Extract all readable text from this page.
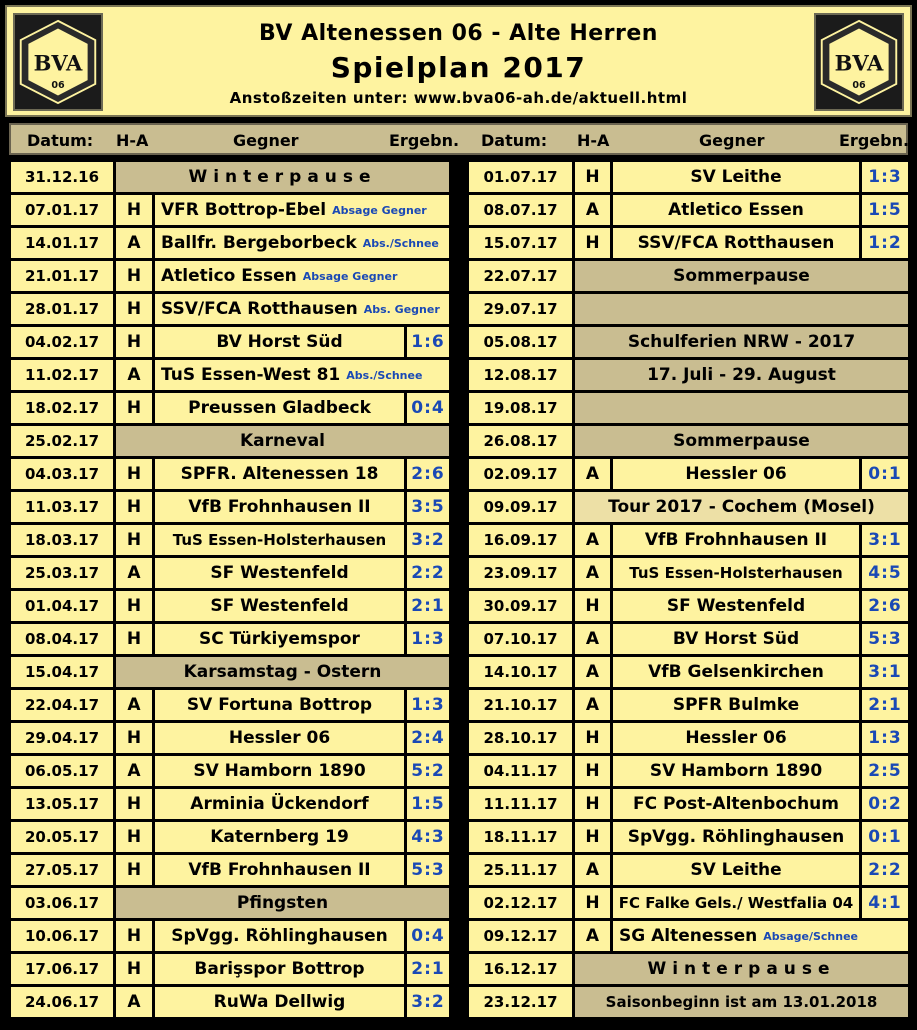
BVA
06
BVA
06
BV Altenessen 06 - Alte Herren
Spielplan 2017
Anstoßzeiten unter: www.bva06-ah.de/aktuell.html
Datum: H-A	Gegner	Ergebn. Datum: H-A	Gegner	Ergebn.
31.12.16	Winterpause
07.01.17	H	VFR Bottrop-Ebel Absage Gegner
14.01.17	A	Ballfr. Bergeborbeck Abs./Schnee
21.01.17	H	Atletico Essen Absage Gegner
28.01.17	H	SSV/FCA Rotthausen Abs. Gegner
04.02.17	H	BV Horst Süd	1:6
11.02.17	A	TuS Essen-West 81 Abs./Schnee
18.02.17	H	Preussen Gladbeck	0:4
25.02.17	Karneval
04.03.17	H	SPFR. Altenessen 18	2:6
11.03.17	H	VfB Frohnhausen II	3:5
18.03.17	H	TuS Essen-Holsterhausen	3:2
25.03.17	A	SF Westenfeld	2:2
01.04.17	H	SF Westenfeld	2:1
08.04.17	H	SC Türkiyemspor	1:3
15.04.17	Karsamstag - Ostern
22.04.17	A	SV Fortuna Bottrop	1:3
29.04.17	H	Hessler 06	2:4
06.05.17	A	SV Hamborn 1890	5:2
13.05.17	H	Arminia Ückendorf	1:5
20.05.17	H	Katernberg 19	4:3
27.05.17	H	VfB Frohnhausen II	5:3
03.06.17	Pfingsten
10.06.17	H	SpVgg. Röhlinghausen	0:4
17.06.17	H	Barişspor Bottrop	2:1
24.06.17	A	RuWa Dellwig	3:2
01.07.17	H	SV Leithe	1:3
08.07.17	A	Atletico Essen	1:5
15.07.17	H	SSV/FCA Rotthausen	1:2
22.07.17	Sommerpause
29.07.17
05.08.17	Schulferien NRW - 2017
12.08.17	17. Juli - 29. August
19.08.17
26.08.17	Sommerpause
02.09.17	A	Hessler 06	0:1
09.09.17	Tour 2017 - Cochem (Mosel)
16.09.17	A	VfB Frohnhausen II	3:1
23.09.17	A	TuS Essen-Holsterhausen	4:5
30.09.17	H	SF Westenfeld	2:6
07.10.17	A	BV Horst Süd	5:3
14.10.17	A	VfB Gelsenkirchen	3:1
21.10.17	A	SPFR Bulmke	2:1
28.10.17	H	Hessler 06	1:3
04.11.17	H	SV Hamborn 1890	2:5
11.11.17	H	FC Post-Altenbochum	0:2
18.11.17	H	SpVgg. Röhlinghausen	0:1
25.11.17	A	SV Leithe	2:2
02.12.17	H	FC Falke Gels./ Westfalia 04 4:1
09.12.17	A	SG Altenessen Absage/Schnee
16.12.17	Winterpause
23.12.17	Saisonbeginn ist am 13.01.2018
